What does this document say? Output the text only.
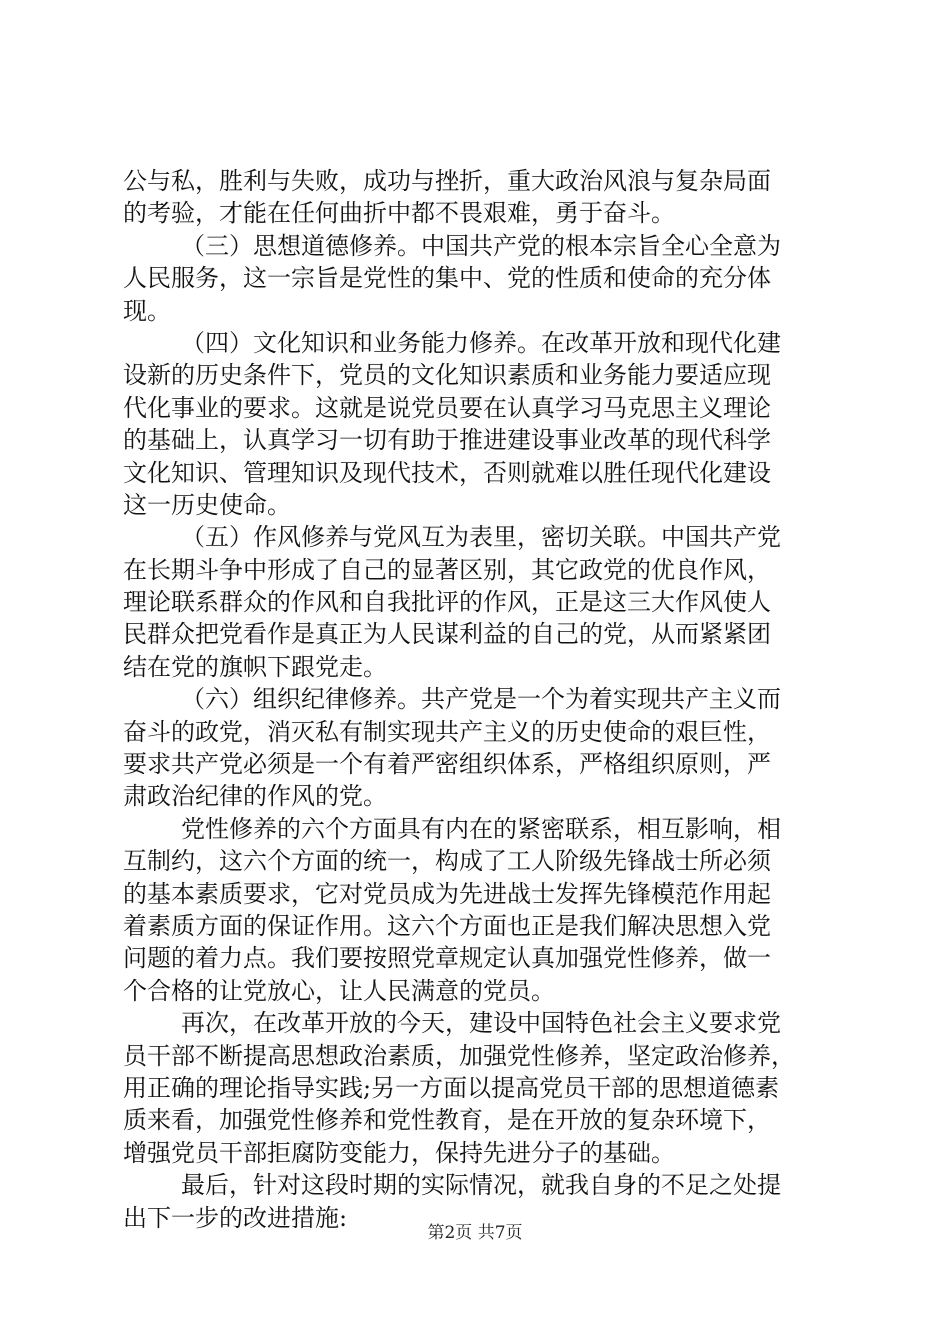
公与私，胜利与失败，成功与挫折，重大政治风浪与复杂局面
的考验，才能在任何曲折中都不畏艰难，勇于奋斗。
（三）思想道德修养。中国共产党的根本宗旨全心全意为
人民服务，这一宗旨是党性的集中、党的性质和使命的充分体
现。
（四）文化知识和业务能力修养。在改革开放和现代化建
设新的历史条件下，党员的文化知识素质和业务能力要适应现
代化事业的要求。这就是说党员要在认真学习马克思主义理论
的基础上，认真学习一切有助于推进建设事业改革的现代科学
文化知识、管理知识及现代技术，否则就难以胜任现代化建设
这一历史使命。
（五）作风修养与党风互为表里，密切关联。中国共产党
在长期斗争中形成了自己的显著区别，其它政党的优良作风，
理论联系群众的作风和自我批评的作风，正是这三大作风使人
民群众把党看作是真正为人民谋利益的自己的党，从而紧紧团
结在党的旗帜下跟党走。
（六）组织纪律修养。共产党是一个为着实现共产主义而
奋斗的政党，消灭私有制实现共产主义的历史使命的艰巨性，
要求共产党必须是一个有着严密组织体系，严格组织原则，严
肃政治纪律的作风的党。
党性修养的六个方面具有内在的紧密联系，相互影响，相
互制约，这六个方面的统一，构成了工人阶级先锋战士所必须
的基本素质要求，它对党员成为先进战士发挥先锋模范作用起
着素质方面的保证作用。这六个方面也正是我们解决思想入党
问题的着力点。我们要按照党章规定认真加强党性修养，做一
个合格的让党放心，让人民满意的党员。
再次，在改革开放的今天，建设中国特色社会主义要求党
员干部不断提高思想政治素质，加强党性修养，坚定政治修养，
用正确的理论指导实践;另一方面以提高党员干部的思想道德素
质来看，加强党性修养和党性教育，是在开放的复杂环境下，
增强党员干部拒腐防变能力，保持先进分子的基础。
最后，针对这段时期的实际情况，就我自身的不足之处提
出下一步的改进措施:
第2页 共7页
